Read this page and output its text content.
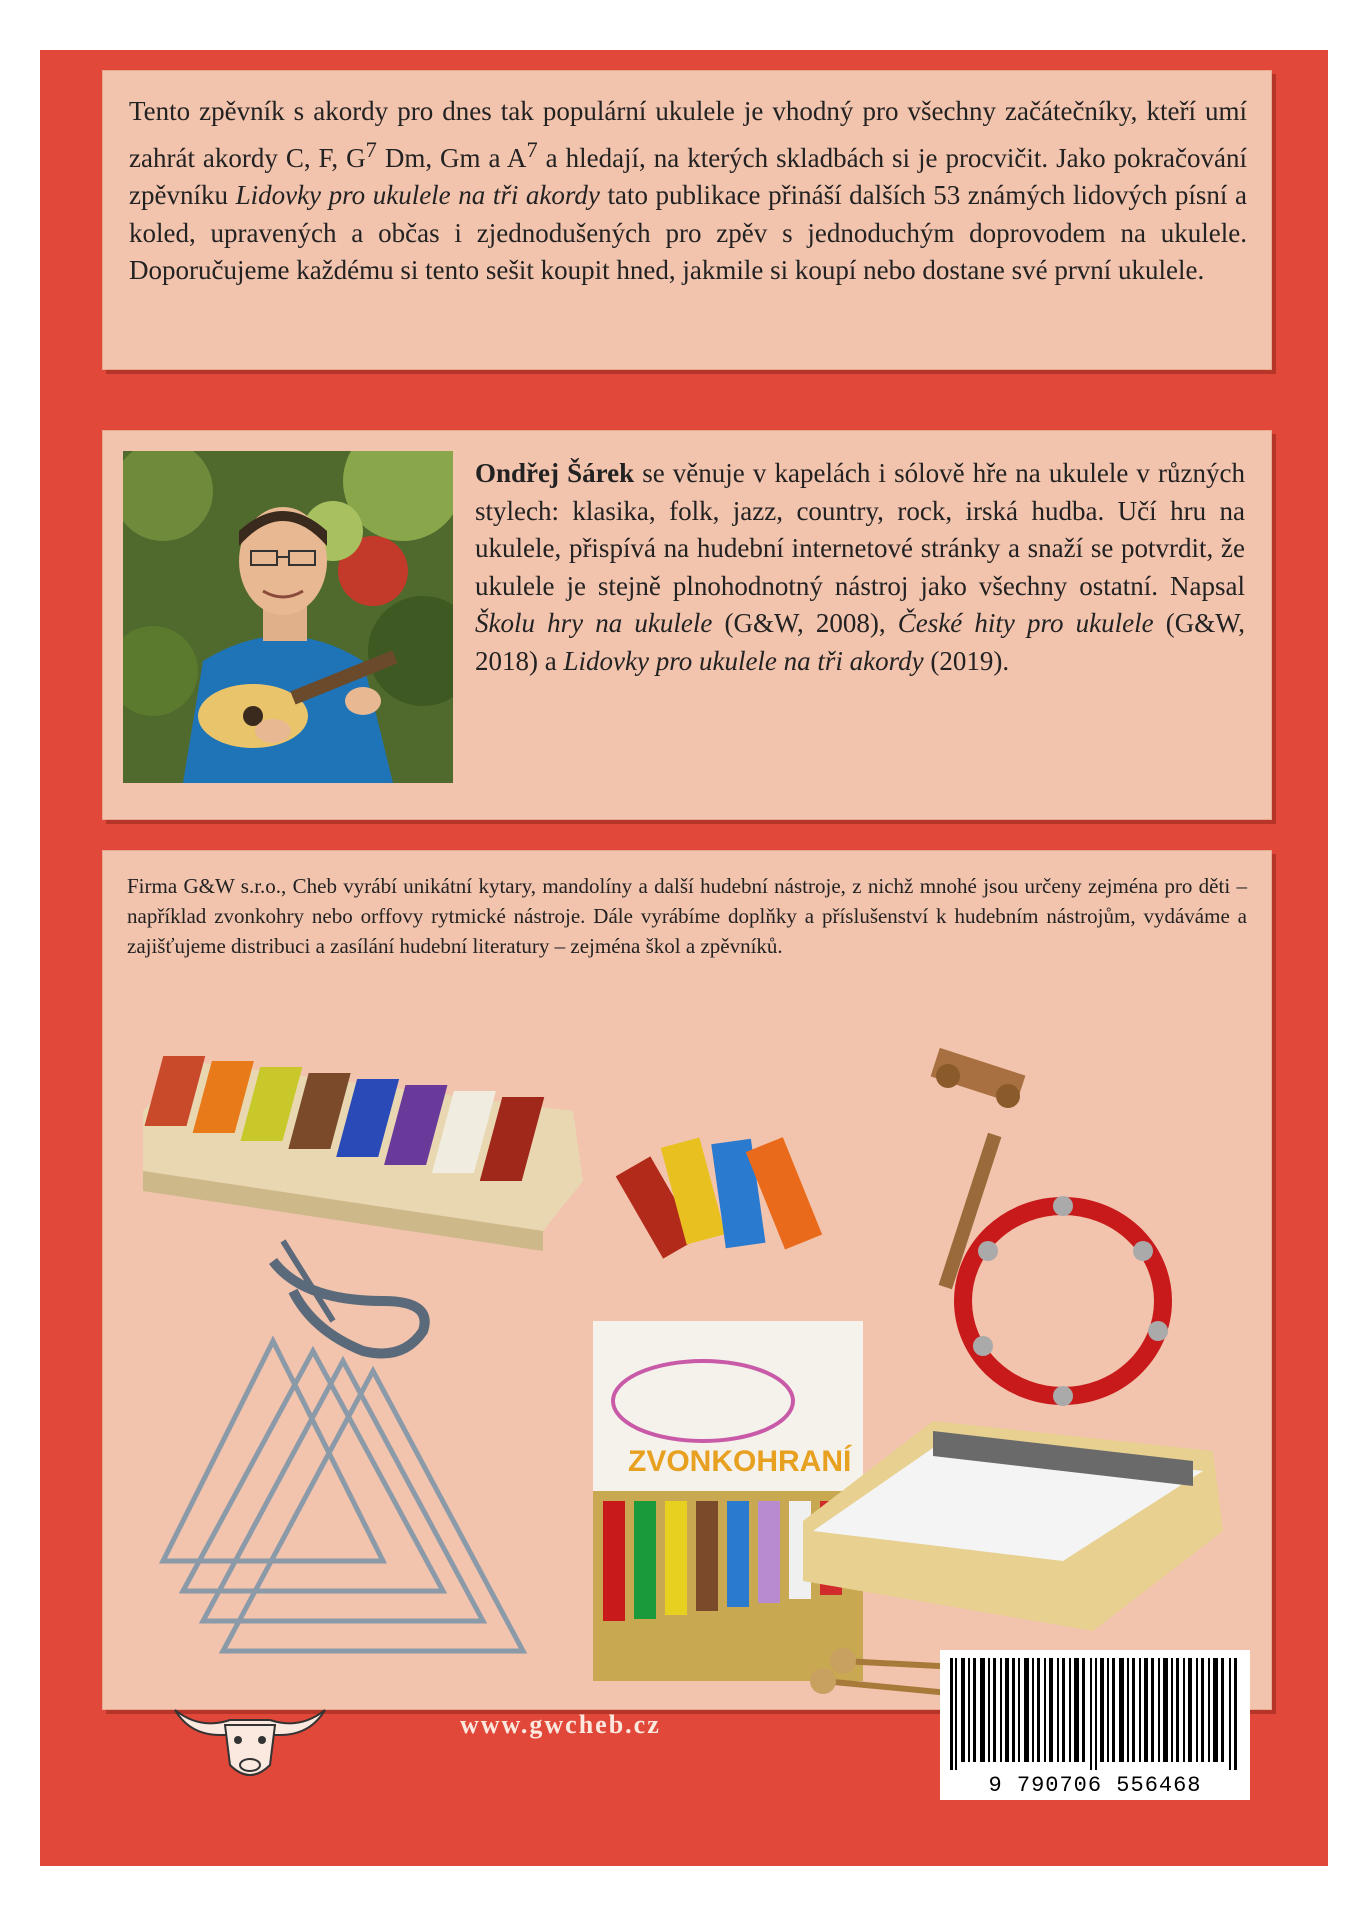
Tento zpěvník s akordy pro dnes tak populární ukulele je vhodný pro všechny začátečníky, kteří umí zahrát akordy C, F, $G^7$ Dm, Gm a $A^7$ a hledají, na kterých skladbách si je procvičit. Jako pokračování zpěvníku Lidovky pro ukulele na tři akordy tato publikace přináší dalších 53 známých lidových písní a koled, upravených a občas i zjednodušených pro zpěv s jednoduchým doprovodem na ukulele. Doporučujeme každému si tento sešit koupit hned, jakmile si koupí nebo dostane své první ukulele.

Ondřej Šárek se věnuje v kapelách i sólově hře na ukulele v různých stylech: klasika, folk, jazz, country, rock, irská hudba. Učí hru na ukulele, přispívá na hudební internetové stránky a snaží se potvrdit, že ukulele je stejně plnohodnotný nástroj jako všechny ostatní. Napsal Školu hry na ukulele (G&W, 2008), České hity pro ukulele (G&W, 2018) a Lidovky pro ukulele na tři akordy (2019).

Firma G&W s.r.o., Cheb vyrábí unikátní kytary, mandolíny a další hudební nástroje, z nichž mnohé jsou určeny zejména pro děti – například zvonkohry nebo orffovy rytmické nástroje. Dále vyrábíme doplňky a příslušenství k hudebním nástrojům, vydáváme a zajišťujeme distribuci a zasílání hudební literatury – zejména škol a zpěvníků.

ZVONKOHRANÍ
www.gwcheb.cz
9 790706 556468
